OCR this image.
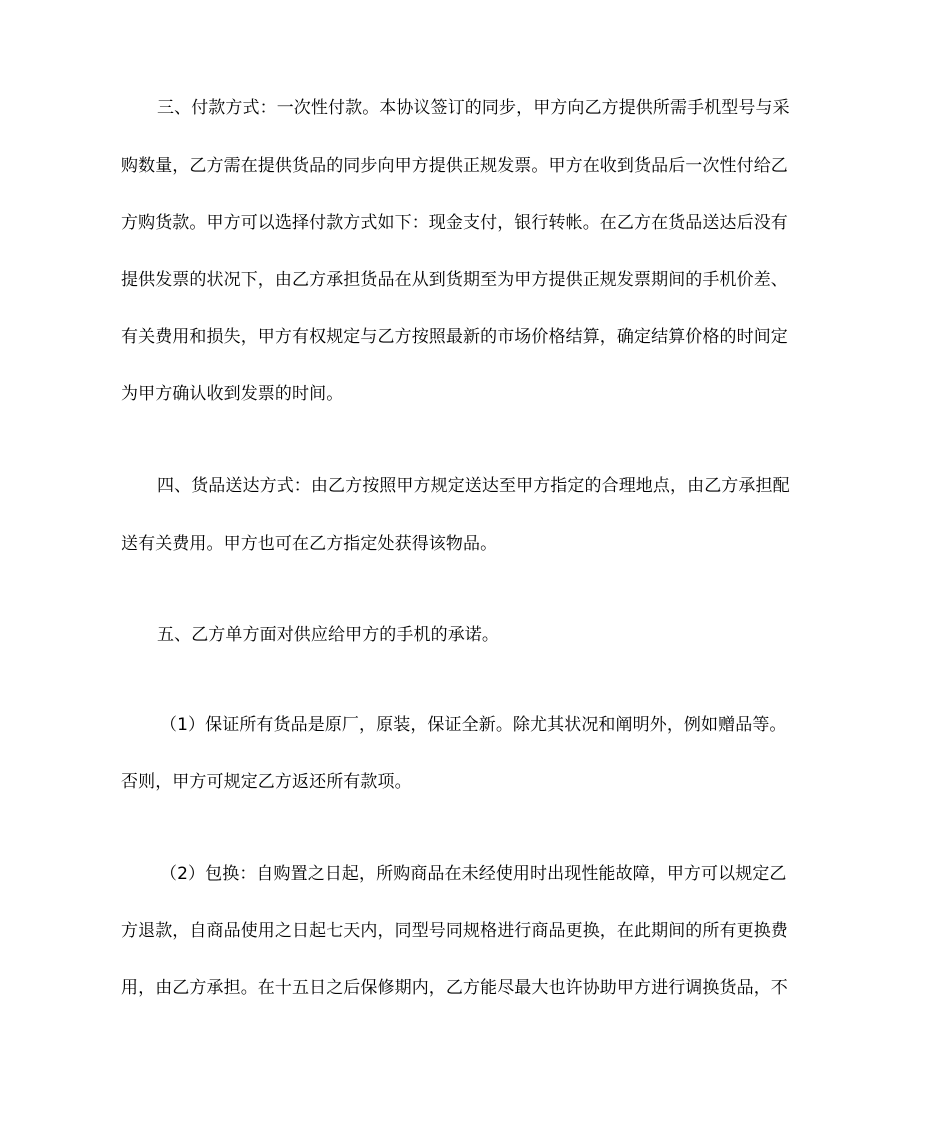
三、付款方式：一次性付款。本协议签订的同步，甲方向乙方提供所需手机型号与采
购数量，乙方需在提供货品的同步向甲方提供正规发票。甲方在收到货品后一次性付给乙
方购货款。甲方可以选择付款方式如下：现金支付，银行转帐。在乙方在货品送达后没有
提供发票的状况下，由乙方承担货品在从到货期至为甲方提供正规发票期间的手机价差、
有关费用和损失，甲方有权规定与乙方按照最新的市场价格结算，确定结算价格的时间定
为甲方确认收到发票的时间。
四、货品送达方式：由乙方按照甲方规定送达至甲方指定的合理地点，由乙方承担配
送有关费用。甲方也可在乙方指定处获得该物品。
五、乙方单方面对供应给甲方的手机的承诺。
（1）保证所有货品是原厂，原装，保证全新。除尤其状况和阐明外，例如赠品等。
否则，甲方可规定乙方返还所有款项。
（2）包换：自购置之日起，所购商品在未经使用时出现性能故障，甲方可以规定乙
方退款，自商品使用之日起七天内，同型号同规格进行商品更换，在此期间的所有更换费
用，由乙方承担。在十五日之后保修期内，乙方能尽最大也许协助甲方进行调换货品，不
